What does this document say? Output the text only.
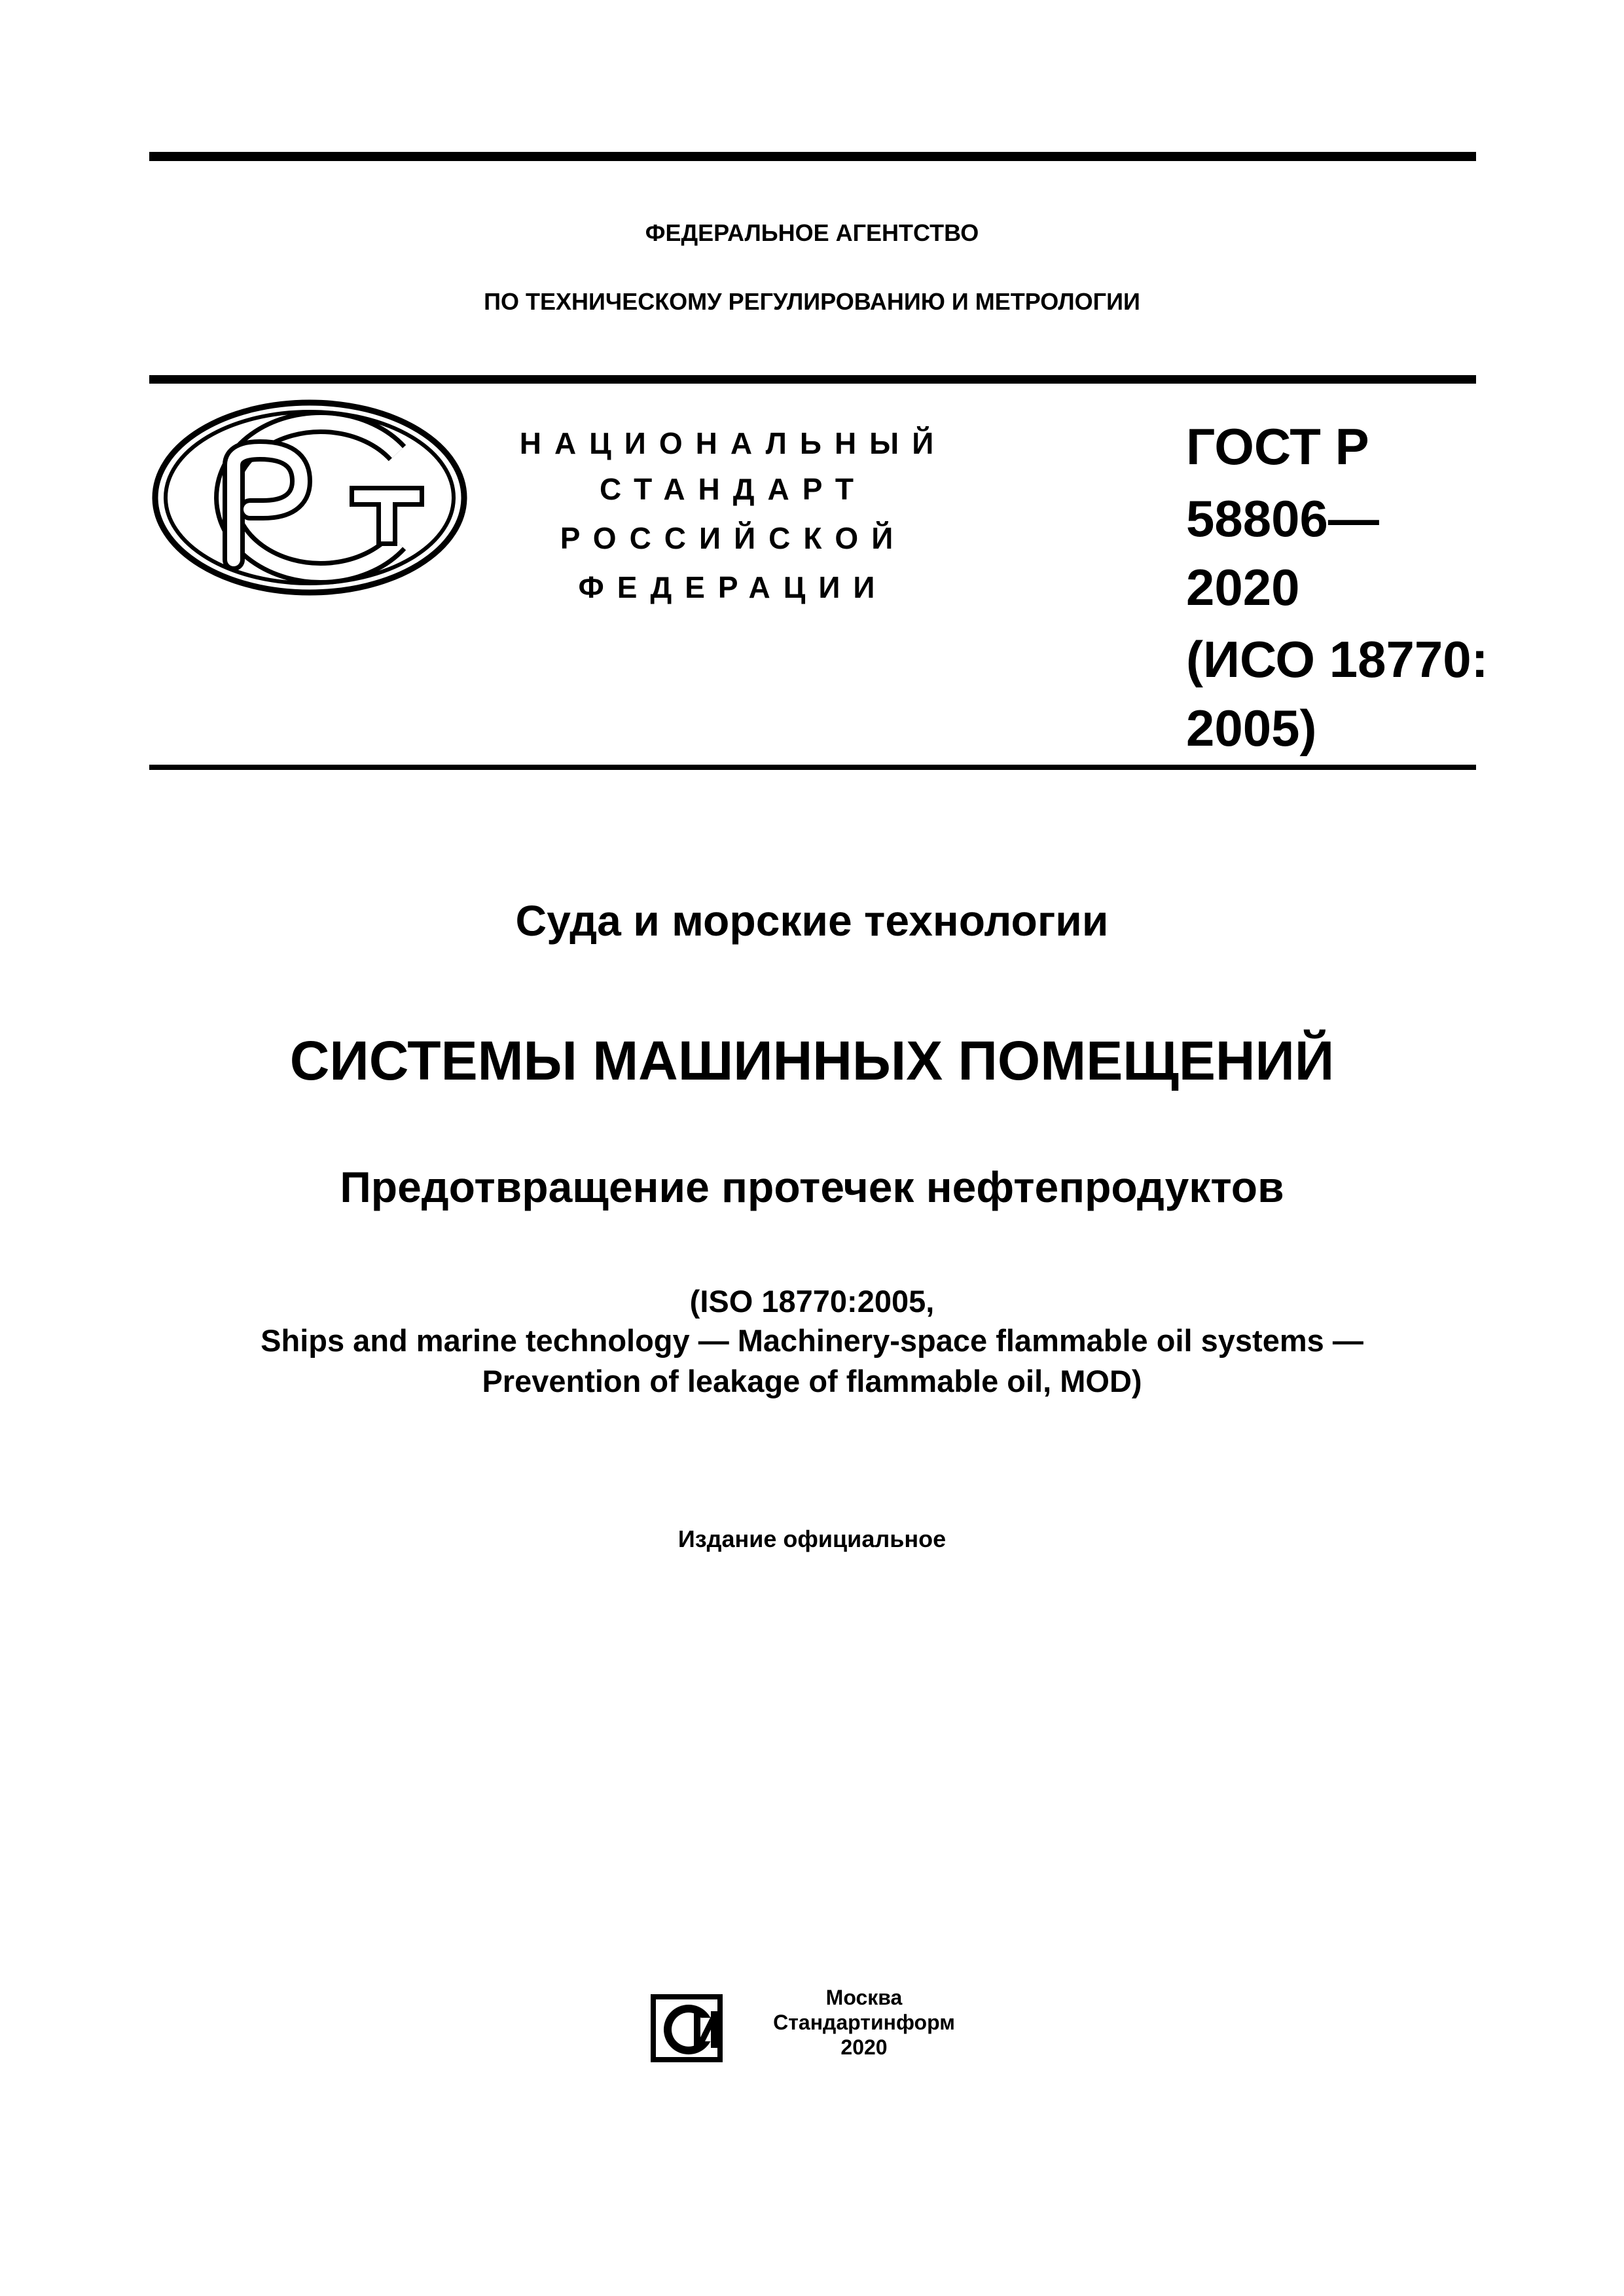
ФЕДЕРАЛЬНОЕ АГЕНТСТВО
ПО ТЕХНИЧЕСКОМУ РЕГУЛИРОВАНИЮ И МЕТРОЛОГИИ
НАЦИОНАЛЬНЫЙ
СТАНДАРТ
РОССИЙСКОЙ
ФЕДЕРАЦИИ
ГОСТ Р
58806—
2020
(ИСО 18770:
2005)
Суда и морские технологии
СИСТЕМЫ МАШИННЫХ ПОМЕЩЕНИЙ
Предотвращение протечек нефтепродуктов
(ISO 18770:2005,
Ships and marine technology — Machinery-space flammable oil systems —
Prevention of leakage of flammable oil, MOD)
Издание официальное
Москва
Стандартинформ
2020
